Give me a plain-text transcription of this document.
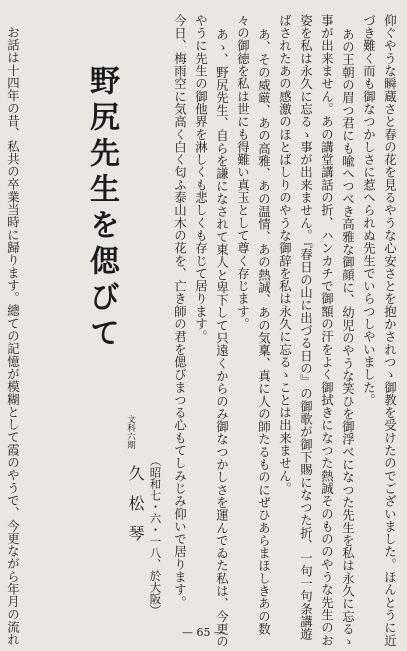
仰ぐやうな瞬蔵さと春の花を見るやうな心安さとを抱かされつゝ御教を受けたのでございました。ほんとうに近
づき難く而も御なつかしさに惹へられぬ先生でいらつしやいました。
あの王朝の眉つ君にも喩へつべき高雅な御顔に、幼児のやうな笑ひを御浮べになつた先生を私は永久に忘るゝ
事が出来ません。あの講堂講話の折、ハンカチで御額の汗をよく御拭きになつた熱誠そのもののやうな先生のお
姿を私は永久に忘るゝ事が出来ません。『春日の山に出づる日の』の御歌が御下賜になつた折、一句一句条講遊
ばされたあの感激のほとばしりのやうな御辞を私は永久に忘るゝことは出来ません。
あ、その威厳、あの高雅、あの温情、あの熱誠、あの気稟、真に人の師たるものにぜひあらまほしきあの数
々の御徳を私は世にも得難い真玉として尊く存じます。
あゝ、野尻先生、自らを謙になされて東人と卑下して只遠くからのみ御なつかしさを運んでゐた私は、今更の
やうに先生の御他界を淋しくも悲しくも存じて居ります。
今日、梅雨空に気高く白く匂ふ泰山木の花を、亡き師の君を偲びまつる心もてしみじみ仰いで居ります。
お話は十四年の昔、私共の卒業当時に歸ります。總ての記憶が模糊として霞のやうで、今更ながら年月の流れ 野尻先生を偲びて
文科六期
久松琴 （昭和七・六・一八、於大阪）
— 65 —
